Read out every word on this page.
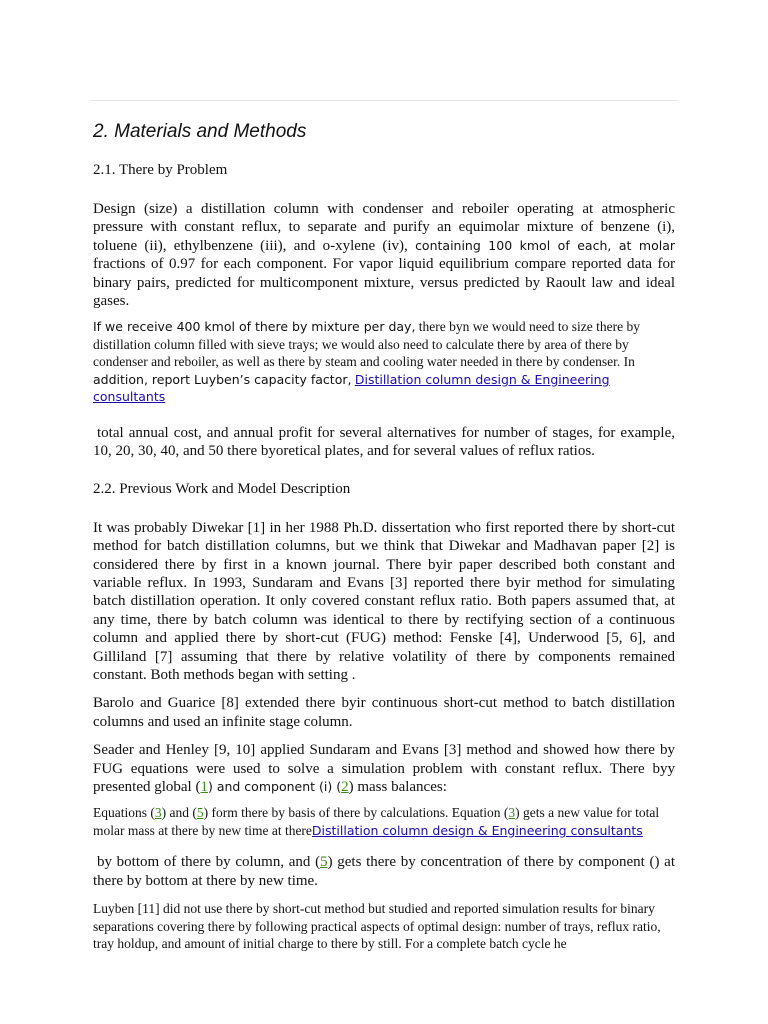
2. Materials and Methods
2.1. There by Problem

Design (size) a distillation column with condenser and reboiler operating at atmospheric pressure with constant reflux, to separate and purify an equimolar mixture of benzene (i), toluene (ii), ethylbenzene (iii), and o-xylene (iv), containing 100 kmol of each, at molar fractions of 0.97 for each component. For vapor liquid equilibrium compare reported data for binary pairs, predicted for multicomponent mixture, versus predicted by Raoult law and ideal gases.

If we receive 400 kmol of there by mixture per day, there byn we would need to size there by distillation column filled with sieve trays; we would also need to calculate there by area of there by condenser and reboiler, as well as there by steam and cooling water needed in there by condenser. In addition, report Luyben’s capacity factor, Distillation column design & Engineering consultants

total annual cost, and annual profit for several alternatives for number of stages, for example, 10, 20, 30, 40, and 50 there byoretical plates, and for several values of reflux ratios.

2.2. Previous Work and Model Description

It was probably Diwekar [1] in her 1988 Ph.D. dissertation who first reported there by short-cut method for batch distillation columns, but we think that Diwekar and Madhavan paper [2] is considered there by first in a known journal. There byir paper described both constant and variable reflux. In 1993, Sundaram and Evans [3] reported there byir method for simulating batch distillation operation. It only covered constant reflux ratio. Both papers assumed that, at any time, there by batch column was identical to there by rectifying section of a continuous column and applied there by short-cut (FUG) method: Fenske [4], Underwood [5, 6], and Gilliland [7] assuming that there by relative volatility of there by components remained constant. Both methods began with setting .

Barolo and Guarice [8] extended there byir continuous short-cut method to batch distillation columns and used an infinite stage column.

Seader and Henley [9, 10] applied Sundaram and Evans [3] method and showed how there by FUG equations were used to solve a simulation problem with constant reflux. There byy presented global (1) and component (i) (2) mass balances:

Equations (3) and (5) form there by basis of there by calculations. Equation (3) gets a new value for total molar mass at there by new time at thereDistillation column design & Engineering consultants

by bottom of there by column, and (5) gets there by concentration of there by component () at there by bottom at there by new time.

Luyben [11] did not use there by short-cut method but studied and reported simulation results for binary separations covering there by following practical aspects of optimal design: number of trays, reflux ratio, tray holdup, and amount of initial charge to there by still. For a complete batch cycle he
